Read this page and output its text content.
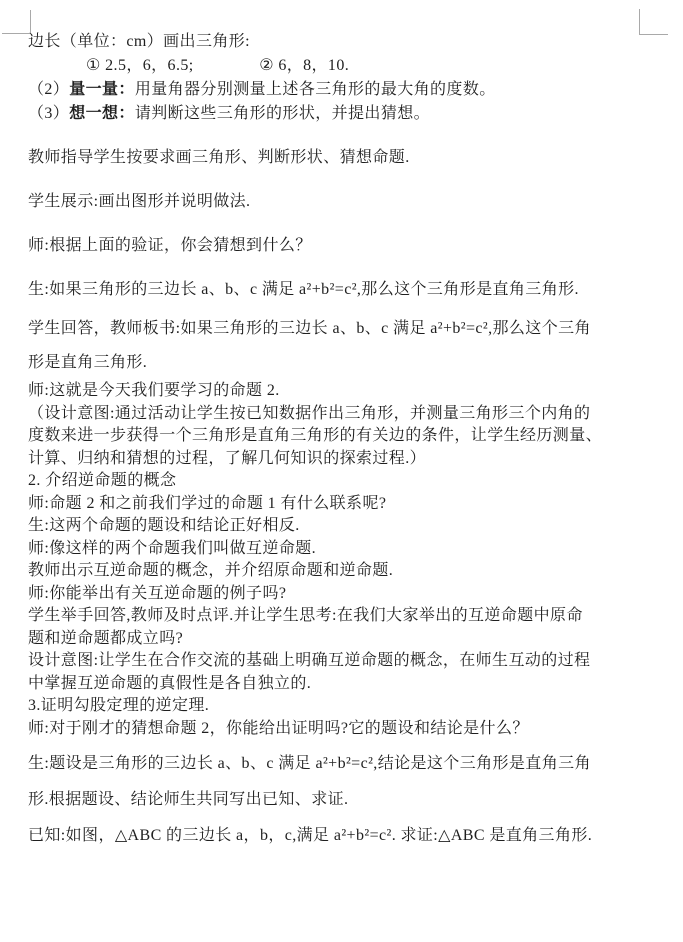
边长（单位：cm）画出三角形:
① 2.5，6，6.5;　　　　② 6，8，10.
（2）量一量：用量角器分别测量上述各三角形的最大角的度数。
（3）想一想：请判断这些三角形的形状，并提出猜想。
教师指导学生按要求画三角形、判断形状、猜想命题.
学生展示:画出图形并说明做法.
师:根据上面的验证，你会猜想到什么？
生:如果三角形的三边长 a、b、c 满足 a²+b²=c²,那么这个三角形是直角三角形.
学生回答，教师板书:如果三角形的三边长 a、b、c 满足 a²+b²=c²,那么这个三角
形是直角三角形.
师:这就是今天我们要学习的命题 2.
（设计意图:通过活动让学生按已知数据作出三角形，并测量三角形三个内角的
度数来进一步获得一个三角形是直角三角形的有关边的条件，让学生经历测量、
计算、归纳和猜想的过程，了解几何知识的探索过程.）
2. 介绍逆命题的概念
师:命题 2 和之前我们学过的命题 1 有什么联系呢?
生:这两个命题的题设和结论正好相反.
师:像这样的两个命题我们叫做互逆命题.
教师出示互逆命题的概念，并介绍原命题和逆命题.
师:你能举出有关互逆命题的例子吗?
学生举手回答,教师及时点评.并让学生思考:在我们大家举出的互逆命题中原命
题和逆命题都成立吗?
设计意图:让学生在合作交流的基础上明确互逆命题的概念，在师生互动的过程
中掌握互逆命题的真假性是各自独立的.
3.证明勾股定理的逆定理.
师:对于刚才的猜想命题 2，你能给出证明吗?它的题设和结论是什么？
生:题设是三角形的三边长 a、b、c 满足 a²+b²=c²,结论是这个三角形是直角三角
形.根据题设、结论师生共同写出已知、求证.
已知:如图，△ABC 的三边长 a，b，c,满足 a²+b²=c². 求证:△ABC 是直角三角形.
